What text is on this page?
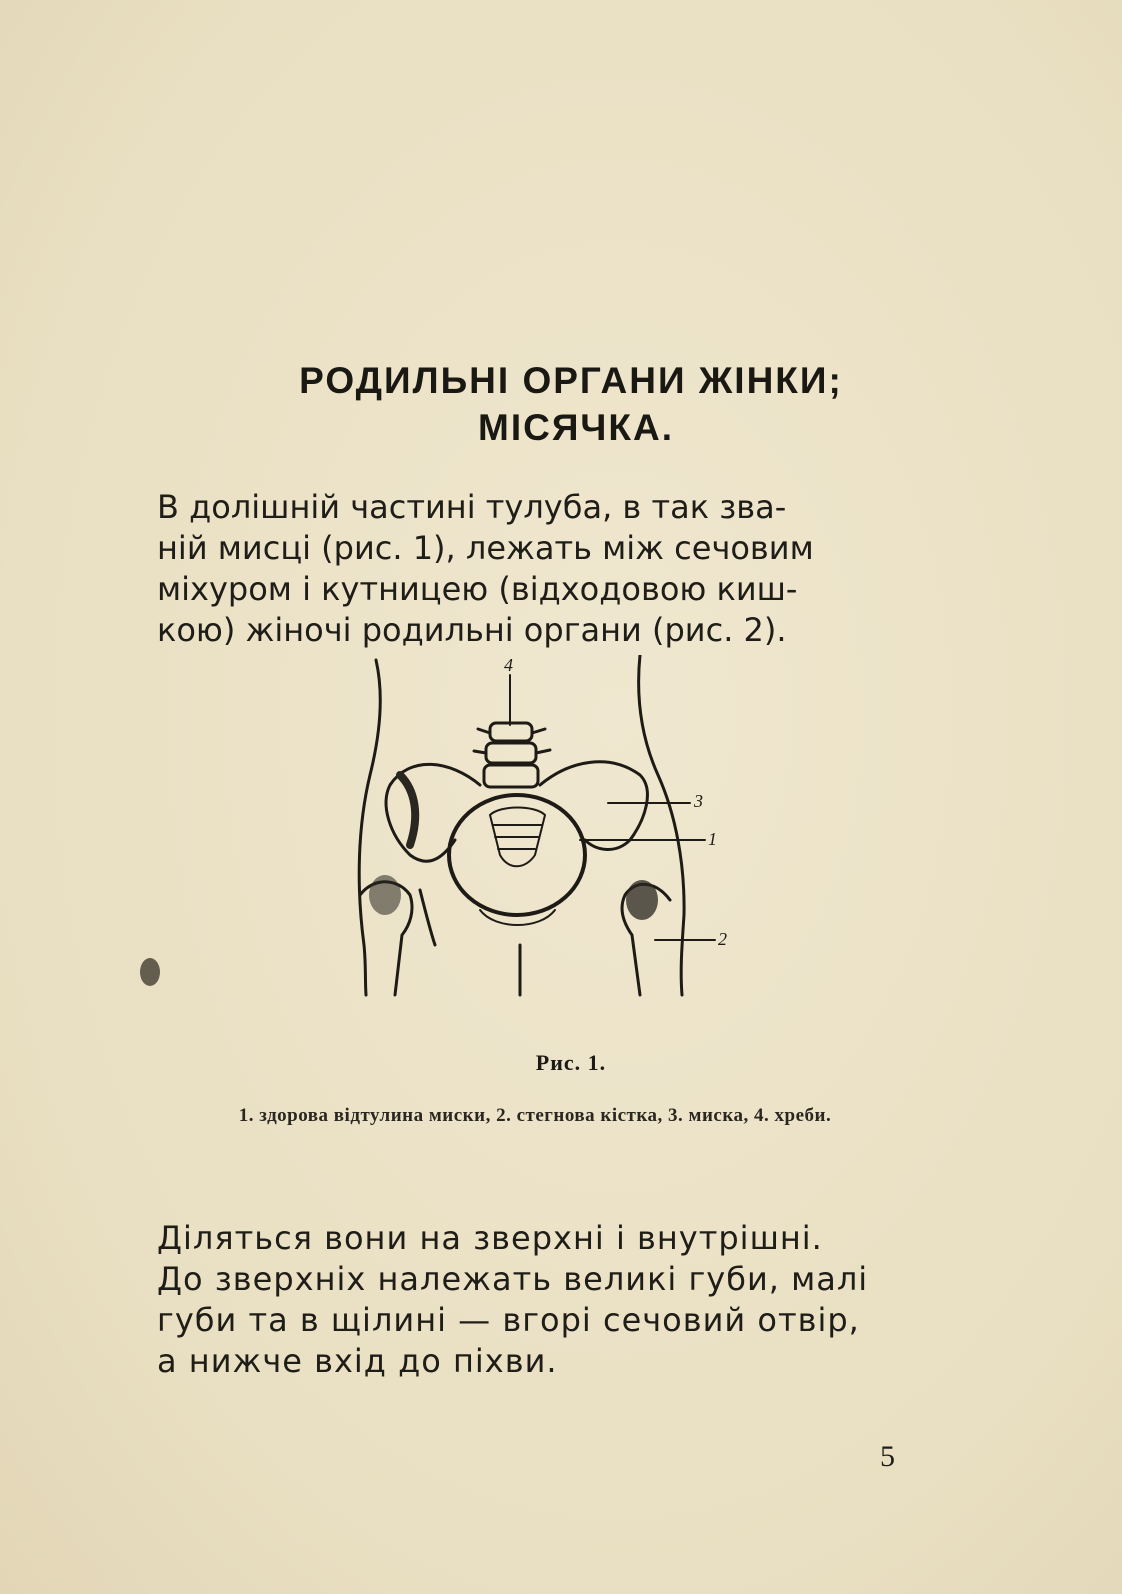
РОДИЛЬНІ ОРГАНИ ЖІНКИ;
МІСЯЧКА.
В долішній частині тулуба, в так зва-
ній мисці (рис. 1), лежать між сечовим
міхуром і кутницею (відходовою киш-
кою) жіночі родильні органи (рис. 2).
4
3
1
2
Рис. 1.
1. здорова відтулина миски, 2. стегнова кістка, 3. миска, 4. хреби.
Діляться вони на зверхні і внутрішні.
До зверхніх належать великі губи, малі
губи та в щілині — вгорі сечовий отвір,
а нижче вхід до піхви.
5
